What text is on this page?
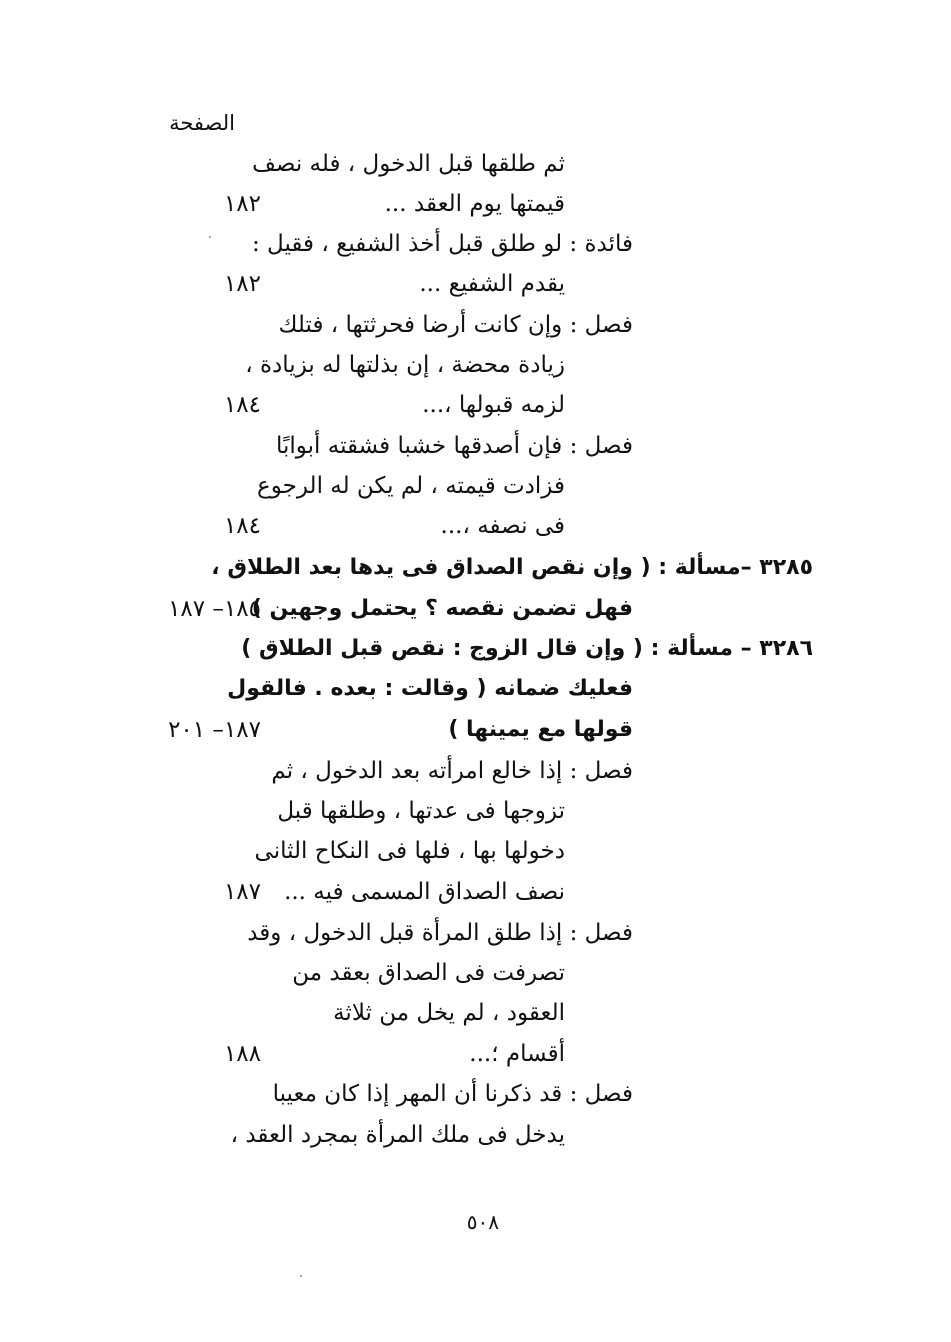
الصفحة
ثم طلقها قبل الدخول ، فله نصف
قيمتها يوم العقد ...
١٨٢
فائدة : لو طلق قبل أخذ الشفيع ، فقيل :
يقدم الشفيع ...
١٨٢
فصل : وإن كانت أرضا فحرثتها ، فتلك
زيادة محضة ، إن بذلتها له بزيادة ،
لزمه قبولها ،...
١٨٤
فصل : فإن أصدقها خشبا فشقته أبوابًا
فزادت قيمته ، لم يكن له الرجوع
فى نصفه ،...
١٨٤
٣٢٨٥ –مسألة : ( وإن نقص الصداق فى يدها بعد الطلاق ،
فهل تضمن نقصه ؟ يحتمل وجهين )
١٨٥– ١٨٧
٣٢٨٦ – مسألة : ( وإن قال الزوج : نقص قبل الطلاق )
فعليك ضمانه ( وقالت : بعده . فالقول
قولها مع يمينها )
١٨٧– ٢٠١
فصل : إذا خالع امرأته بعد الدخول ، ثم
تزوجها فى عدتها ، وطلقها قبل
دخولها بها ، فلها فى النكاح الثانى
نصف الصداق المسمى فيه ...
١٨٧
فصل : إذا طلق المرأة قبل الدخول ، وقد
تصرفت فى الصداق بعقد من
العقود ، لم يخل من ثلاثة
أقسام ؛...
١٨٨
فصل : قد ذكرنا أن المهر إذا كان معيبا
يدخل فى ملك المرأة بمجرد العقد ،
٥٠٨
